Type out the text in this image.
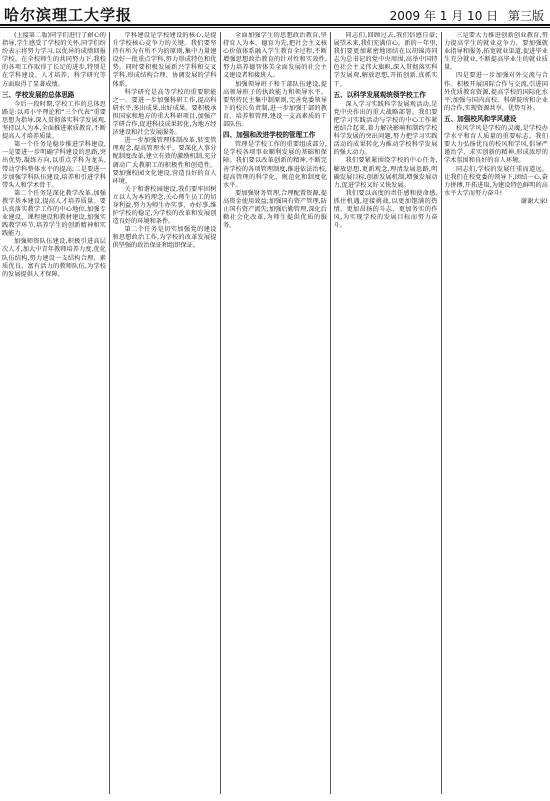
哈尔滨理工大学报	2009 年 1 月 10 日 第三版

(上接第二版)同学们进行了耐心的指导,学生感受了学校的关怀,同学们纷纷表示将努力学习,以优异的成绩回报学校。在全校师生的共同努力下,我校的各项工作取得了长足的进步,特别是在学科建设、人才培养、科学研究等方面取得了显著成绩。

三、学校发展的总体思路

今后一段时期,学校工作的总体思路是:以邓小平理论和“三个代表”重要思想为指导,深入贯彻落实科学发展观,坚持以人为本,全面推进素质教育,不断提高人才培养质量。

第一个任务是稳步推进学科建设,一是要进一步明确学科建设的思路,突出优势,凝练方向,以重点学科为龙头,带动学科整体水平的提高;二是要进一步加强学科队伍建设,培养和引进学科带头人和学术骨干。

第二个任务是深化教学改革,加强教学基本建设,提高人才培养质量。要认真落实教学工作的中心地位,加强专业建设、课程建设和教材建设,加强实践教学环节,培养学生的创新精神和实践能力。

加强师资队伍建设,积极引进高层次人才,加大中青年教师培养力度,优化队伍结构,努力建设一支结构合理、素质优良、富有活力的教师队伍,为学校的发展提供人才保障。

学科建设是学校建设的核心,是提升学校核心竞争力的关键。我们要坚持有所为有所不为的原则,集中力量建设好一批重点学科,努力形成特色和优势。同时要积极发展新兴学科和交叉学科,形成结构合理、协调发展的学科体系。

科学研究是高等学校的重要职能之一。要进一步加强科研工作,提高科研水平,多出成果,出好成果。要积极承担国家和地方的重大科研项目,加强产学研合作,促进科技成果转化,为地方经济建设和社会发展服务。

进一步加强管理体制改革,转变管理观念,提高管理水平。要深化人事分配制度改革,建立有效的激励机制,充分调动广大教职工的积极性和创造性。要加强校园文化建设,营造良好的育人环境。

关于和谐校园建设,我们要牢固树立以人为本的理念,关心师生员工的切身利益,努力为师生办实事、办好事,维护学校的稳定,为学校的改革和发展创造良好的环境和条件。

第二个任务是切实加强党的建设和思想政治工作,为学校的改革发展提供坚强的政治保证和组织保证。

全面加强学生的思想政治教育,坚持育人为本、德育为先,把社会主义核心价值体系融入学生教育全过程,不断增强思想政治教育的针对性和实效性,努力培养德智体美全面发展的社会主义建设者和接班人。

加强领导班子和干部队伍建设,提高领导班子的执政能力和领导水平。要坚持民主集中制原则,完善党委领导下的校长负责制,进一步加强干部的教育、培养和管理,建设一支高素质的干部队伍。

四、加强和改进学校的管理工作

管理是学校工作的重要组成部分,是学校各项事业顺利发展的基础和保障。我们要以改革创新的精神,不断完善学校的各项管理制度,推进依法治校,提高管理的科学化、规范化和制度化水平。

要加强财务管理,合理配置资源,提高资金使用效益;加强国有资产管理,防止国有资产流失;加强后勤管理,深化后勤社会化改革,为师生提供优质的服务。

同志们,回顾过去,我们倍感自豪;展望未来,我们充满信心。新的一年里,我们要更加紧密地团结在以胡锦涛同志为总书记的党中央周围,高举中国特色社会主义伟大旗帜,深入贯彻落实科学发展观,解放思想,开拓创新,真抓实干。

五、以科学发展观统领学校工作

深入学习实践科学发展观活动,是党中央作出的重大战略部署。我们要把学习实践活动与学校的中心工作紧密结合起来,着力解决影响和制约学校科学发展的突出问题,努力把学习实践活动的成果转化为推动学校科学发展的强大动力。

我们要紧紧围绕学校的中心任务,解放思想,更新观念,理清发展思路,明确发展目标,创新发展机制,增强发展动力,促进学校又好又快发展。

我们要以高度的责任感和使命感,抓住机遇,迎接挑战,以更加饱满的热情、更加昂扬的斗志、更加务实的作风,为实现学校的发展目标而努力奋斗。

三是要大力推进创新创业教育,努力提高学生的就业竞争力。要加强就业指导和服务,拓宽就业渠道,促进毕业生充分就业,不断提高毕业生的就业质量。

四是要进一步加强对外交流与合作。积极开展国际合作与交流,引进国外优质教育资源,提高学校的国际化水平;加强与国内高校、科研院所和企业的合作,实现资源共享、优势互补。

五、加强校风和学风建设

校风学风是学校的灵魂,是学校办学水平和育人质量的重要标志。我们要大力弘扬优良的校风和学风,倡导严谨治学、求实创新的精神,形成浓厚的学术氛围和良好的育人环境。

同志们,学校的发展任重而道远。让我们在校党委的领导下,团结一心,奋力拼搏,开拓进取,为建设特色鲜明的高水平大学而努力奋斗!

谢谢大家!
